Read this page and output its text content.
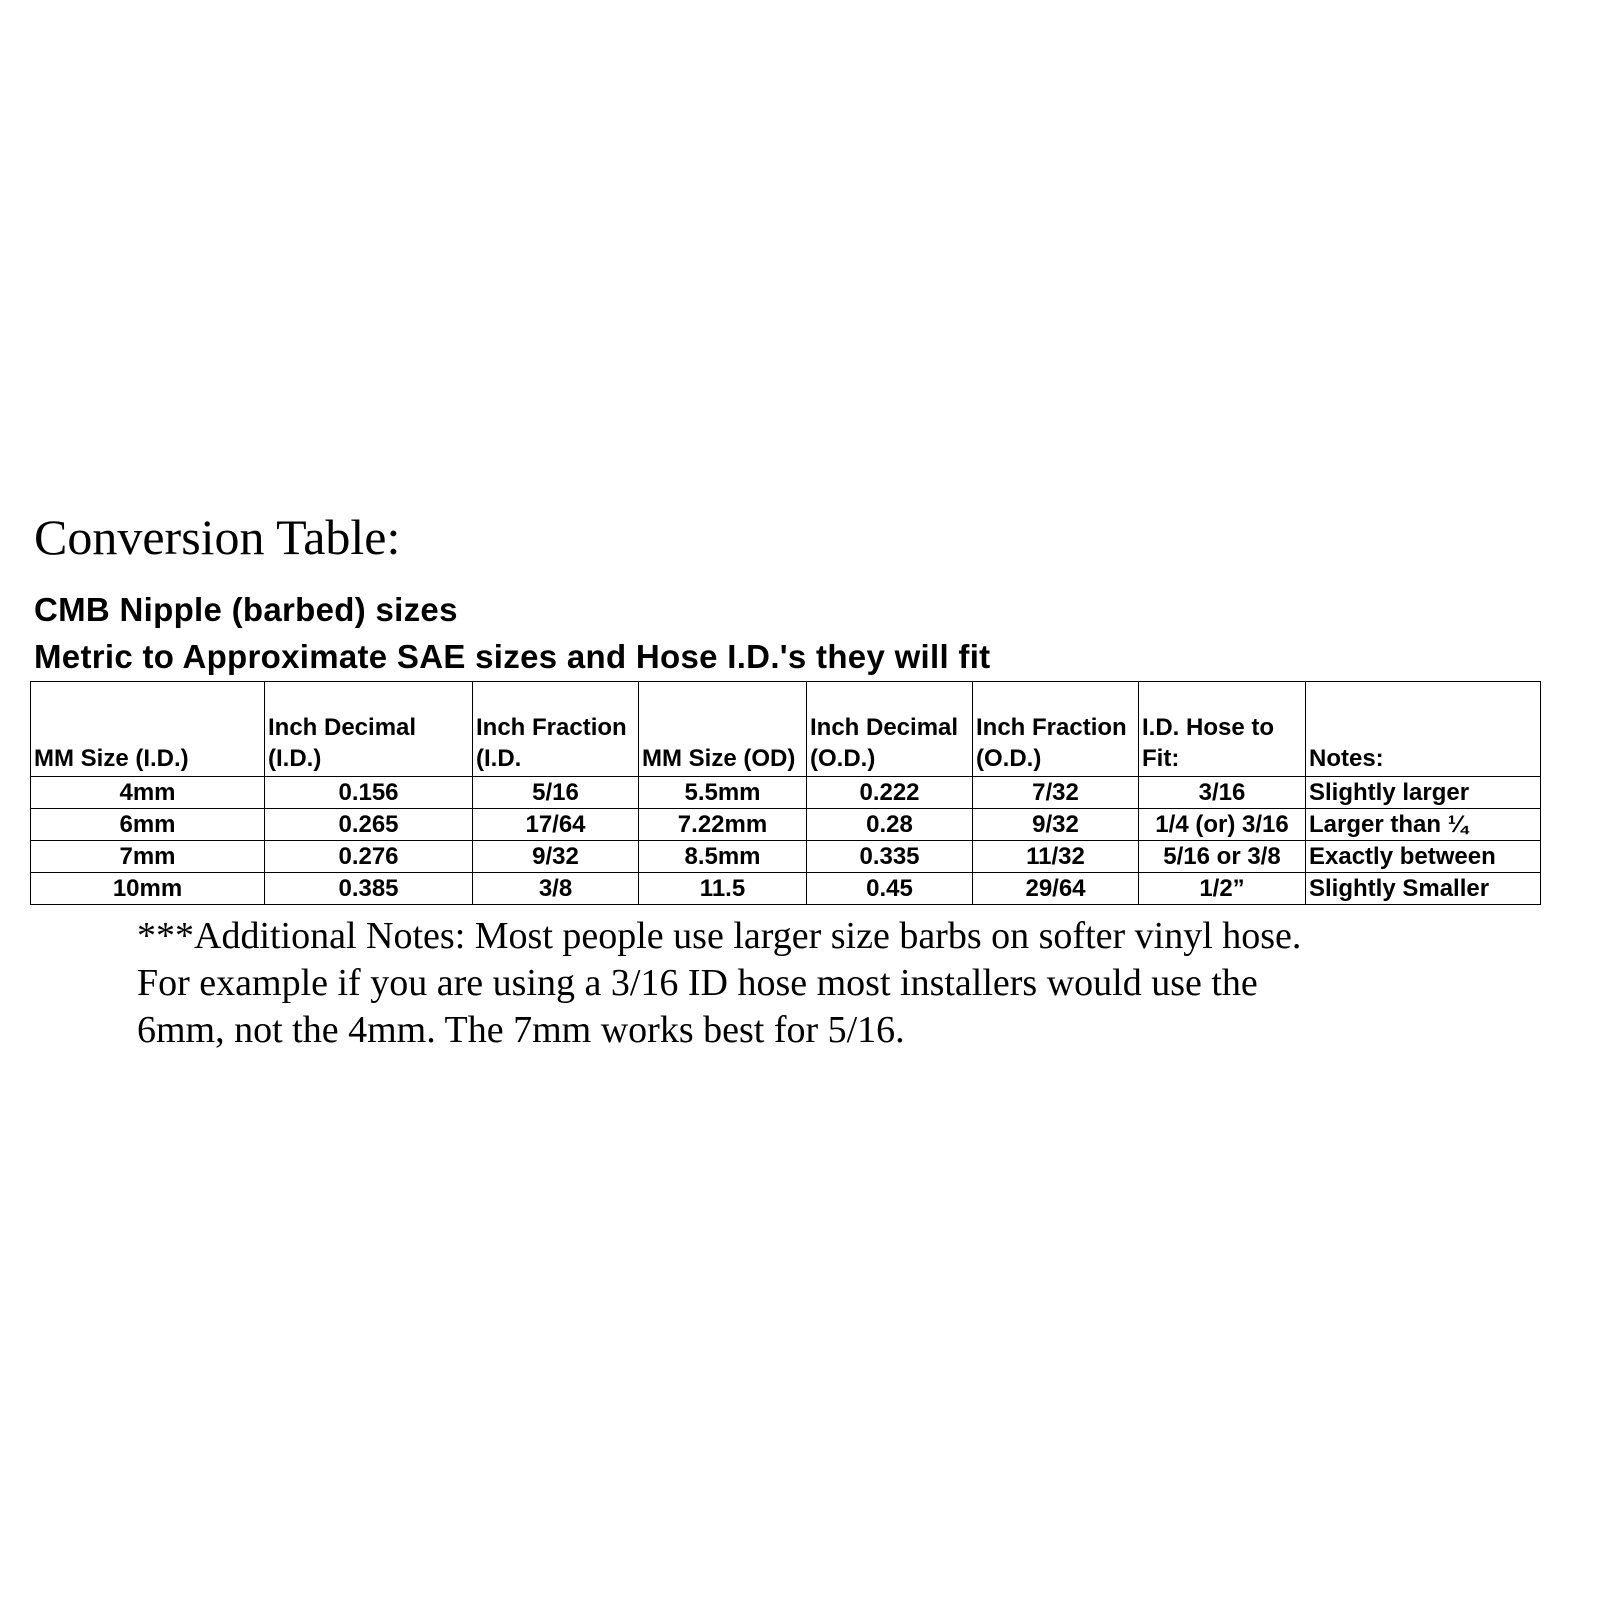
Conversion Table:
CMB Nipple (barbed) sizes
Metric to Approximate SAE sizes and Hose I.D.'s they will fit
MM Size (I.D.)	Inch Decimal (I.D.)	Inch Fraction (I.D.	MM Size (OD)	Inch Decimal (O.D.)	Inch Fraction (O.D.)	I.D. Hose to Fit:	Notes:
4mm	0.156	5/16	5.5mm	0.222	7/32	3/16	Slightly larger
6mm	0.265	17/64	7.22mm	0.28	9/32	1/4 (or) 3/16	Larger than ¼
7mm	0.276	9/32	8.5mm	0.335	11/32	5/16 or 3/8	Exactly between
10mm	0.385	3/8	11.5	0.45	29/64	1/2”	Slightly Smaller
***Additional Notes: Most people use larger size barbs on softer vinyl hose.
For example if you are using a 3/16 ID hose most installers would use the
6mm, not the 4mm. The 7mm works best for 5/16.
